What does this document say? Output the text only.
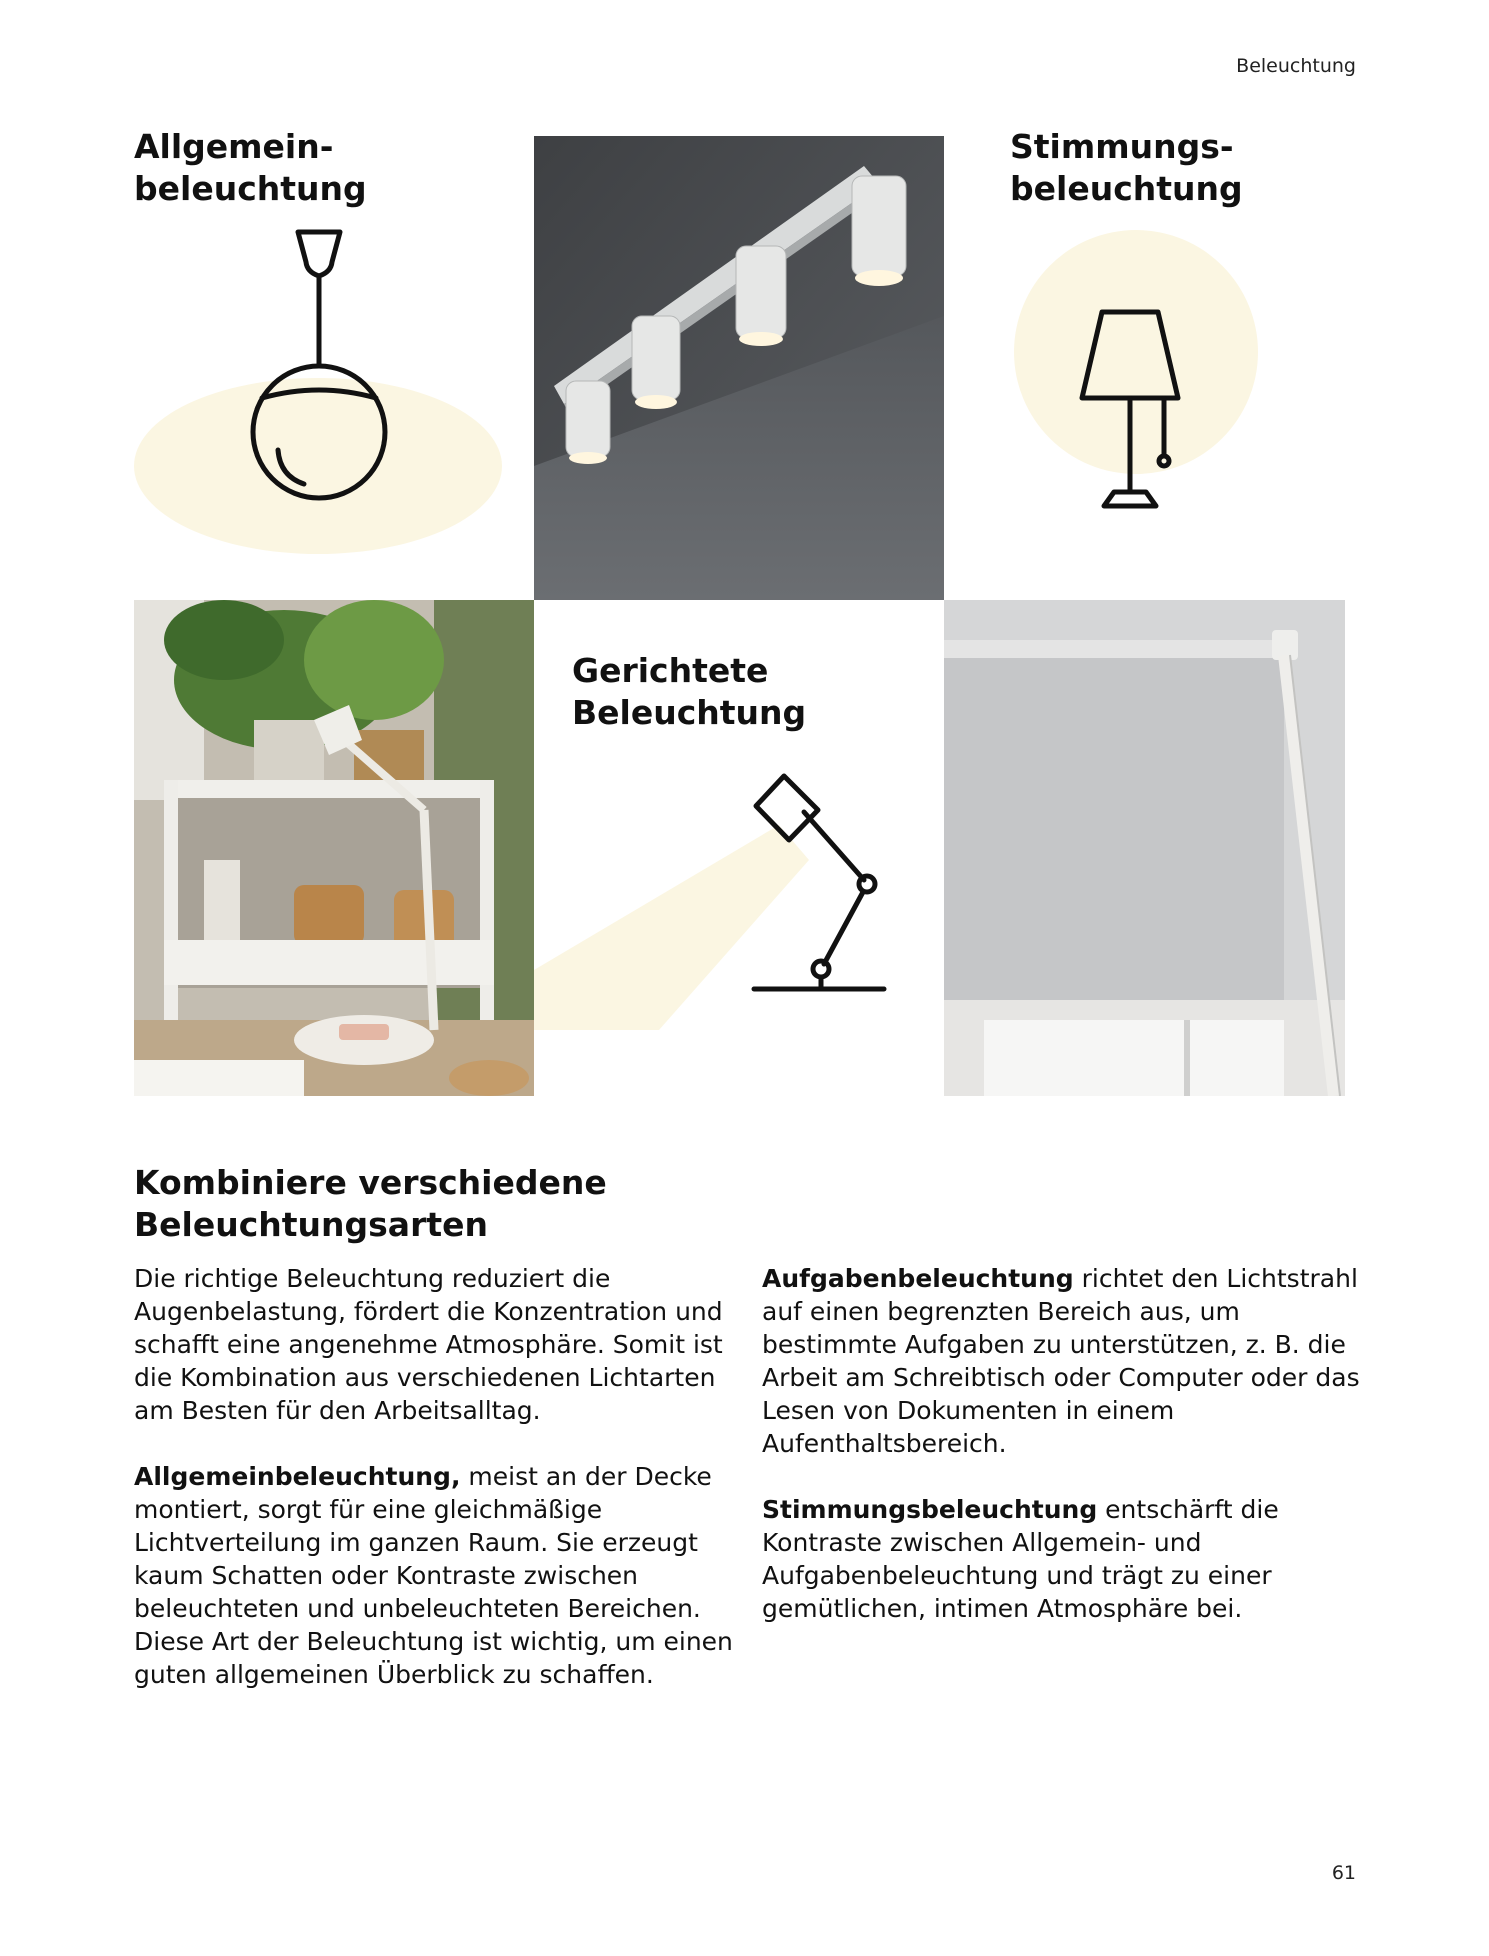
Beleuchtung
Allgemein-
beleuchtung
Stimmungs-
beleuchtung
Gerichtete
Beleuchtung
Kombiniere verschiedene
Beleuchtungsarten

Die richtige Beleuchtung reduziert die Augenbelastung, fördert die Konzentration und schafft eine angenehme Atmosphäre. Somit ist die Kombination aus verschiedenen Lichtarten am Besten für den Arbeitsalltag.

Allgemeinbeleuchtung, meist an der Decke montiert, sorgt für eine gleichmäßige Lichtverteilung im ganzen Raum. Sie erzeugt kaum Schatten oder Kontraste zwischen beleuchteten und unbeleuchteten Bereichen. Diese Art der Beleuchtung ist wichtig, um einen guten allgemeinen Überblick zu schaffen.

Aufgabenbeleuchtung richtet den Lichtstrahl auf einen begrenzten Bereich aus, um bestimmte Aufgaben zu unterstützen, z. B. die Arbeit am Schreibtisch oder Computer oder das Lesen von Dokumenten in einem Aufenthaltsbereich.

Stimmungsbeleuchtung entschärft die Kontraste zwischen Allgemein- und Aufgabenbeleuchtung und trägt zu einer gemütlichen, intimen Atmosphäre bei.

61
